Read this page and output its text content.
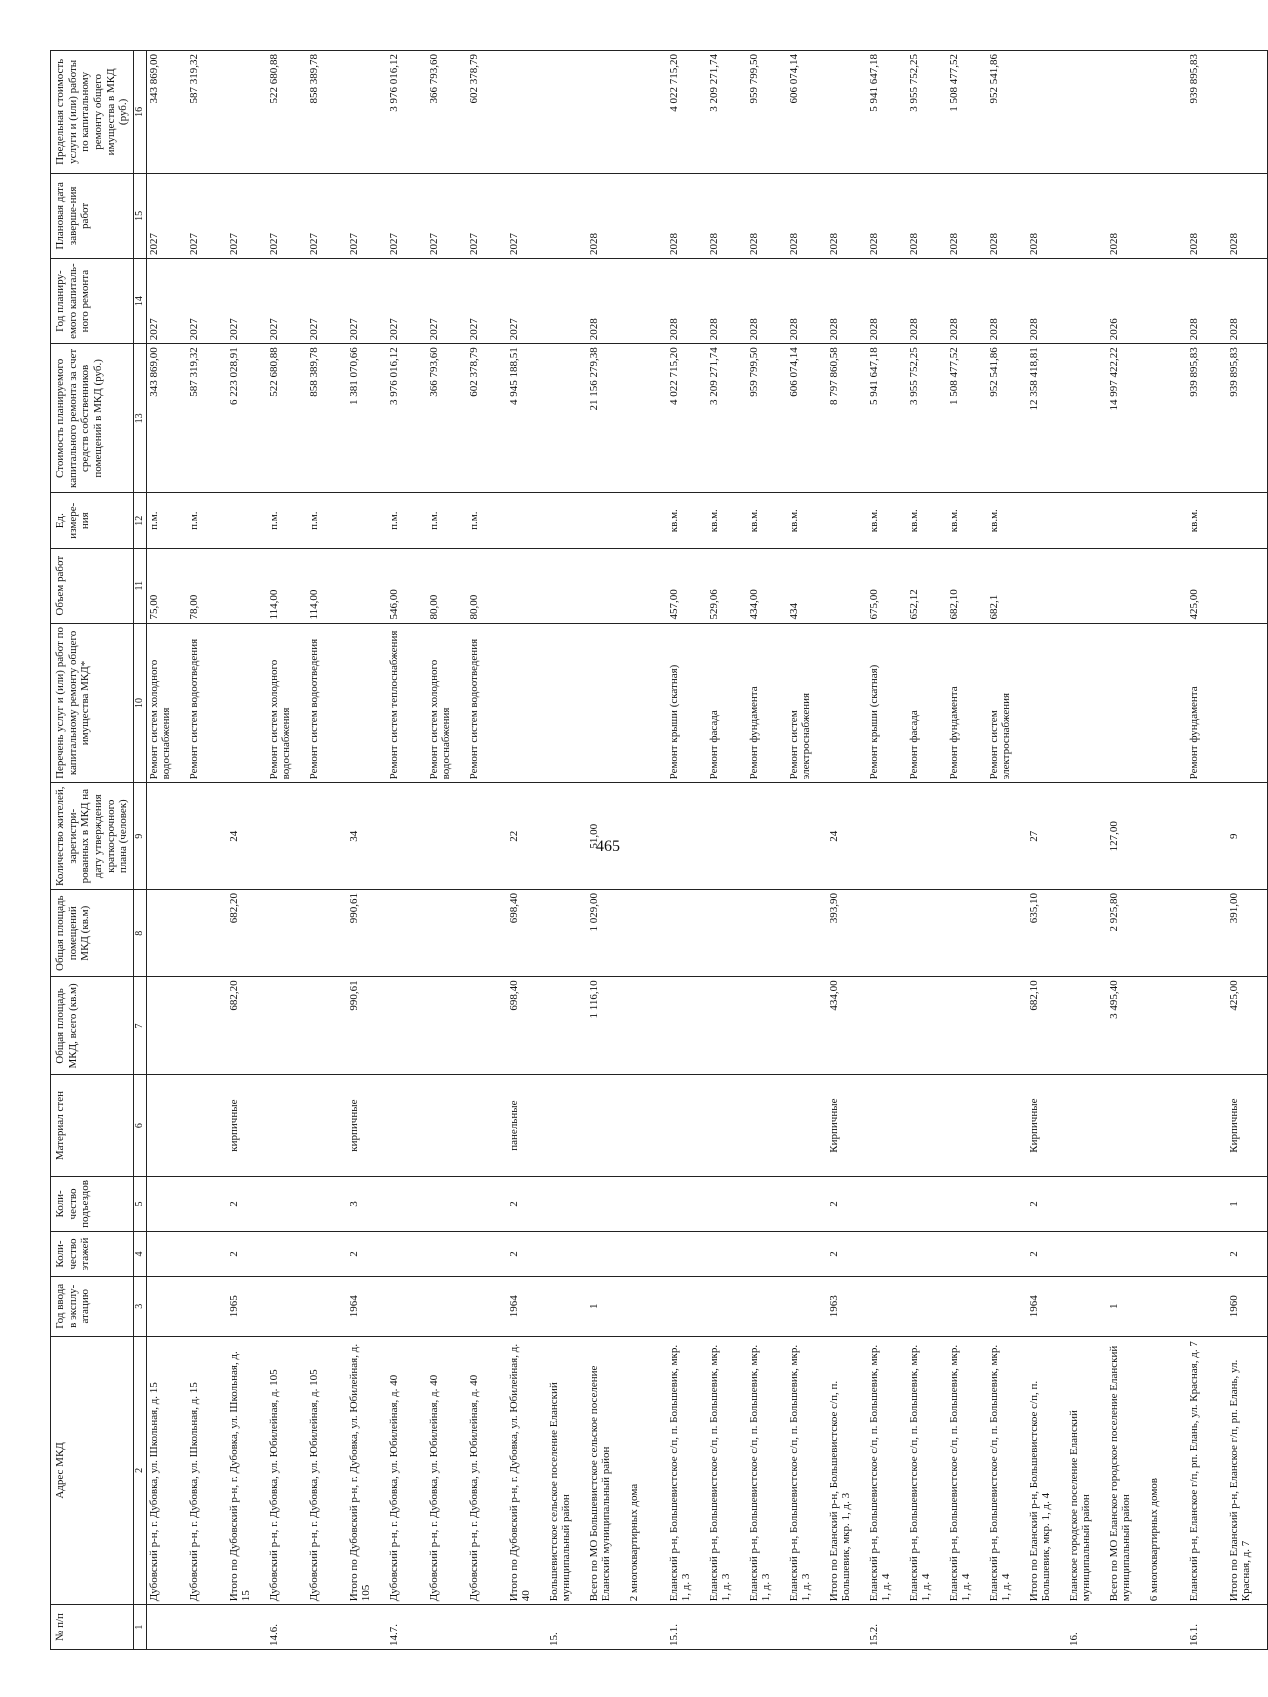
465
№ п/п	Адрес МКД	Год ввода в эксплу-атацию	Коли-чество этажей	Коли-чество подъездов	Материал стен	Общая площадь МКД, всего (кв.м)	Общая площадь помещений МКД (кв.м)	Количество жителей, зарегистри-рованных в МКД на дату утверждения краткосрочного плана (человек)	Перечень услуг и (или) работ по капитальному ремонту общего имущества МКД*	Объем работ	Ед. измере-ния	Стоимость планируемого капитального ремонта за счет средств собственников помещений в МКД (руб.)	Год планиру-емого капиталь-ного ремонта	Плановая дата заверше-ния работ	Предельная стоимость услуги и (или) работы по капитальному ремонту общего имущества в МКД (руб.)
1	2	3	4	5	6	7	8	9	10	11	12	13	14	15	16
	Дубовский р-н, г. Дубовка, ул. Школьная, д. 15								Ремонт систем холодного водоснабжения	75,00	п.м.	343 869,00	2027	2027	343 869,00
	Дубовский р-н, г. Дубовка, ул. Школьная, д. 15								Ремонт систем водоотведения	78,00	п.м.	587 319,32	2027	2027	587 319,32
	Итого по Дубовский р-н, г. Дубовка, ул. Школьная, д. 15	1965	2	2	кирпичные	682,20	682,20	24				6 223 028,91	2027	2027	
14.6.	Дубовский р-н, г. Дубовка, ул. Юбилейная, д. 105								Ремонт систем холодного водоснабжения	114,00	п.м.	522 680,88	2027	2027	522 680,88
	Дубовский р-н, г. Дубовка, ул. Юбилейная, д. 105								Ремонт систем водоотведения	114,00	п.м.	858 389,78	2027	2027	858 389,78
	Итого по Дубовский р-н, г. Дубовка, ул. Юбилейная, д. 105	1964	2	3	кирпичные	990,61	990,61	34				1 381 070,66	2027	2027	
14.7.	Дубовский р-н, г. Дубовка, ул. Юбилейная, д. 40								Ремонт систем теплоснабжения	546,00	п.м.	3 976 016,12	2027	2027	3 976 016,12
	Дубовский р-н, г. Дубовка, ул. Юбилейная, д. 40								Ремонт систем холодного водоснабжения	80,00	п.м.	366 793,60	2027	2027	366 793,60
	Дубовский р-н, г. Дубовка, ул. Юбилейная, д. 40								Ремонт систем водоотведения	80,00	п.м.	602 378,79	2027	2027	602 378,79
	Итого по Дубовский р-н, г. Дубовка, ул. Юбилейная, д. 40	1964	2	2	панельные	698,40	698,40	22				4 945 188,51	2027	2027	
15.	Большевистское сельское поселение Еланский муниципальный район														
	Всего по МО Большевистское сельское поселение Еланский муниципальный район	1				1 116,10	1 029,00	51,00				21 156 279,38	2028	2028	
	2 многоквартирных дома														
15.1.	Еланский р-н, Большевистское с/п, п. Большевик, мкр. 1, д. 3								Ремонт крыши (скатная)	457,00	кв.м.	4 022 715,20	2028	2028	4 022 715,20
	Еланский р-н, Большевистское с/п, п. Большевик, мкр. 1, д. 3								Ремонт фасада	529,06	кв.м.	3 209 271,74	2028	2028	3 209 271,74
	Еланский р-н, Большевистское с/п, п. Большевик, мкр. 1, д. 3								Ремонт фундамента	434,00	кв.м.	959 799,50	2028	2028	959 799,50
	Еланский р-н, Большевистское с/п, п. Большевик, мкр. 1, д. 3								Ремонт систем электроснабжения	434	кв.м.	606 074,14	2028	2028	606 074,14
	Итого по Еланский р-н, Большевистское с/п, п. Большевик, мкр. 1, д. 3	1963	2	2	Кирпичные	434,00	393,90	24				8 797 860,58	2028	2028	
15.2.	Еланский р-н, Большевистское с/п, п. Большевик, мкр. 1, д. 4								Ремонт крыши (скатная)	675,00	кв.м.	5 941 647,18	2028	2028	5 941 647,18
	Еланский р-н, Большевистское с/п, п. Большевик, мкр. 1, д. 4								Ремонт фасада	652,12	кв.м.	3 955 752,25	2028	2028	3 955 752,25
	Еланский р-н, Большевистское с/п, п. Большевик, мкр. 1, д. 4								Ремонт фундамента	682,10	кв.м.	1 508 477,52	2028	2028	1 508 477,52
	Еланский р-н, Большевистское с/п, п. Большевик, мкр. 1, д. 4								Ремонт систем электроснабжения	682,1	кв.м.	952 541,86	2028	2028	952 541,86
	Итого по Еланский р-н, Большевистское с/п, п. Большевик, мкр. 1, д. 4	1964	2	2	Кирпичные	682,10	635,10	27				12 358 418,81	2028	2028	
16.	Еланское городское поселение Еланский муниципальный район														
	Всего по МО Еланское городское поселение Еланский муниципальный район	1				3 495,40	2 925,80	127,00				14 997 422,22	2026	2028	
	6 многоквартирных домов														
16.1.	Еланский р-н, Еланское г/п, рп. Елань, ул. Красная, д. 7								Ремонт фундамента	425,00	кв.м.	939 895,83	2028	2028	939 895,83
	Итого по Еланский р-н, Еланское г/п, рп. Елань, ул. Красная, д. 7	1960	2	1	Кирпичные	425,00	391,00	9				939 895,83	2028	2028	
